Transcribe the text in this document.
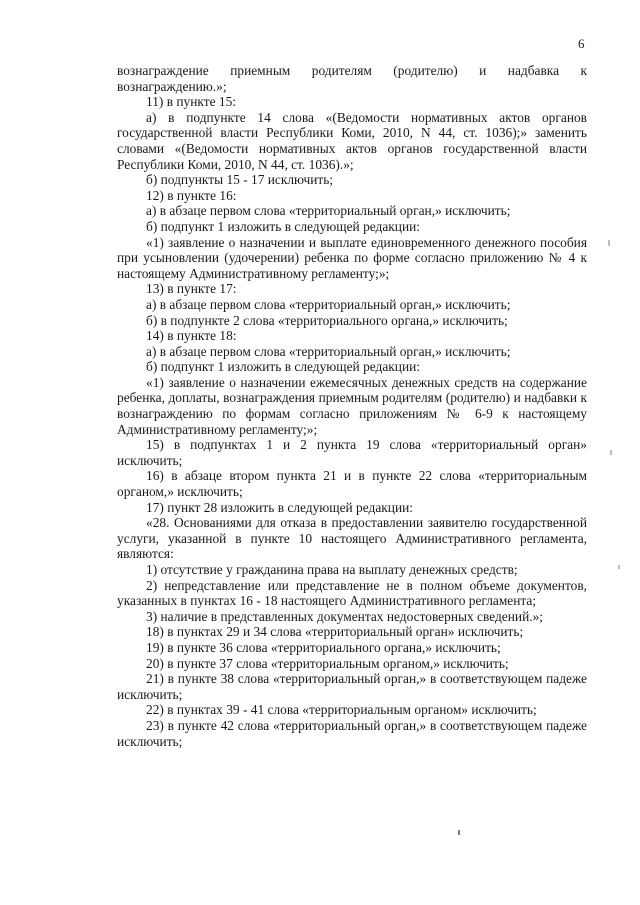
6

вознаграждение приемным родителям (родителю) и надбавка к вознаграждению.»;

11) в пункте 15:

а) в подпункте 14 слова «(Ведомости нормативных актов органов государственной власти Республики Коми, 2010, N 44, ст. 1036);» заменить словами «(Ведомости нормативных актов органов государственной власти Республики Коми, 2010, N 44, ст. 1036).»;

б) подпункты 15 - 17 исключить;

12) в пункте 16:

а) в абзаце первом слова «территориальный орган,» исключить;

б) подпункт 1 изложить в следующей редакции:

«1) заявление о назначении и выплате единовременного денежного пособия при усыновлении (удочерении) ребенка по форме согласно приложению № 4 к настоящему Административному регламенту;»;

13) в пункте 17:

а) в абзаце первом слова «территориальный орган,» исключить;

б) в подпункте 2 слова «территориального органа,» исключить;

14) в пункте 18:

а) в абзаце первом слова «территориальный орган,» исключить;

б) подпункт 1 изложить в следующей редакции:

«1) заявление о назначении ежемесячных денежных средств на содержание ребенка, доплаты, вознаграждения приемным родителям (родителю) и надбавки к вознаграждению по формам согласно приложениям № 6-9 к настоящему Административному регламенту;»;

15) в подпунктах 1 и 2 пункта 19 слова «территориальный орган» исключить;

16) в абзаце втором пункта 21 и в пункте 22 слова «территориальным органом,» исключить;

17) пункт 28 изложить в следующей редакции:

«28. Основаниями для отказа в предоставлении заявителю государственной услуги, указанной в пункте 10 настоящего Административного регламента, являются:

1) отсутствие у гражданина права на выплату денежных средств;

2) непредставление или представление не в полном объеме документов, указанных в пунктах 16 - 18 настоящего Административного регламента;

3) наличие в представленных документах недостоверных сведений.»;

18) в пунктах 29 и 34 слова «территориальный орган» исключить;

19) в пункте 36 слова «территориального органа,» исключить;

20) в пункте 37 слова «территориальным органом,» исключить;

21) в пункте 38 слова «территориальный орган,» в соответствующем падеже исключить;

22) в пунктах 39 - 41 слова «территориальным органом» исключить;

23) в пункте 42 слова «территориальный орган,» в соответствующем падеже исключить;
